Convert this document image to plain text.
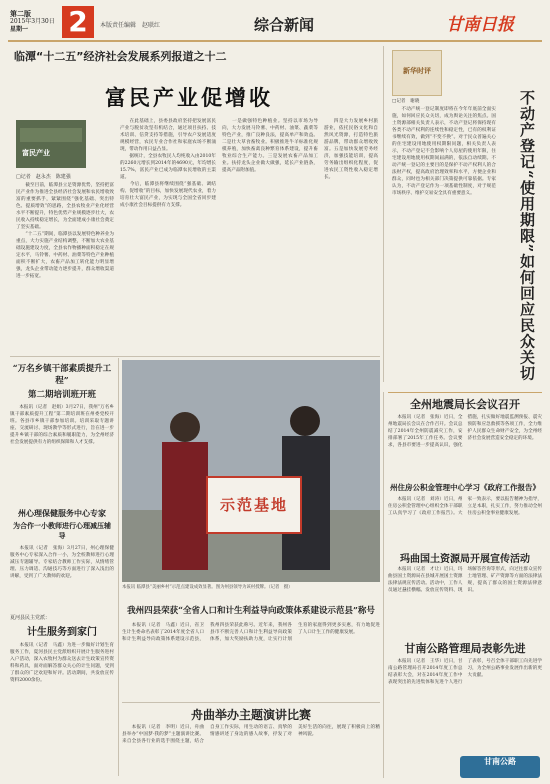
第二版
2015年3月30日
星期一	2	本版责任编辑　赵联红	综合新闻	甘南日报
临潭“十二五”经济社会发展系列报道之十二
富民产业促增收
富民产业
□记者　赵永杰　陈建强

　　截至目前，临潭县立足资源优势，坚持把富民产业作为推进全县经济社会发展和农民增收致富的重要抓手，紧紧围绕“强化基础、突出特色、提质增效”的思路，全县农牧业产业化经营水平不断提升，特色优势产业规模逐步壮大，农民收入持续稳定增长，为全面建成小康社会奠定了坚实基础。

　　“十二五”期间，临潭县以发展特色种养业为重点，大力实施产业结构调整，不断加大农业基础设施建设力度，全县农作物播种面积稳定在规定水平，马铃薯、中药材、油菜等特色产业种植面积不断扩大，农畜产品加工转化能力明显增强，龙头企业带动能力逐步提升，群众增收渠道进一步拓宽。

　　在此基础上，县委县政府坚持把发展富民产业与脱贫攻坚有机结合，通过项目扶持、技术培训、信贷支持等措施，引导农户发展适度规模经营，农民专业合作社和家庭农场不断涌现，带动作用日益凸显。

　　据统计，全县农牧民人均纯收入由2010年的2260元增长到2014年的4690元，年均增长15.7%，富民产业已成为临潭农民增收的主渠道。

　　今后，临潭县将继续围绕“强基础、调结构、促增收”的目标，加快发展现代农业，着力培育壮大富民产业，为实现与全国全省同步建成小康社会目标提供有力支撑。

　　一是做强特色种植业。坚持以市场为导向，大力发展马铃薯、中药材、油菜、蔬菜等特色产业，推广良种良法，提高单产和效益。二是壮大草食畜牧业。积极推进牛羊标准化规模养殖，加快畜禽良种繁育体系建设，提升畜牧业综合生产能力。三是发展农畜产品加工业。扶持龙头企业做大做强，延长产业链条，提高产品附加值。

　　四是大力发展乡村旅游业，依托民俗文化和自然风光资源，打造特色旅游品牌，带动群众增收致富。五是加快发展劳务经济，加强技能培训，提高劳务输出组织化程度，促进农民工资性收入稳定增长。

“万名乡镇干部素质提升工程”
第二期培训班开班
　　本报讯（记者　赵娟）3月27日，我州“万名乡镇干部素质提升工程”第二期培训班在州委党校开班。各县市乡镇干部参加培训。培训采取专题讲座、交流研讨、现场教学等形式进行，旨在进一步提升乡镇干部的综合素质和履职能力，为全州经济社会发展提供有力的组织保障和人才支撑。
州心理保健服务中心专家
为合作一小教师进行心理减压辅导
　　本报讯（记者　张海）3月27日，州心理保健服务中心专家深入合作一小，为全校教师进行心理减压专题辅导。专家结合教师工作实际，从情绪管理、压力调适、沟通技巧等方面进行了深入浅出的讲解，受到了广大教师的欢迎。
夏河县民主党派：
计生服务到家门
　　本报讯（记者　马鑫）为进一步做好计划生育服务工作，夏河县民主党派组织开展计生服务进村入户活动，深入农牧村为群众送去计生政策宣传资料和药具，面对面解答群众关心的计生问题，受到了群众的广泛欢迎和好评。活动期间，共发放宣传资料2000余份。
示范基地
本报讯 临潭县“美丽乡村”示范点建设成效显著。图为州县领导为该村授牌。（记者　摄）
我州四县荣获“全省人口和计生利益导向政策体系建设示范县”称号
　　本报讯（记者　马鑫）近日，省卫生计生委命名表彰了2014年度全省人口和计生利益导向政策体系建设示范县，我州四县荣获此称号。近年来，我州各县市不断完善人口和计生利益导向政策体系，加大奖励扶助力度，让实行计划生育的家庭得到更多实惠，有力地促进了人口计生工作的健康发展。
舟曲举办主题演讲比赛
　　本报讯（记者　李明）近日，舟曲县举办“中国梦·我的梦”主题演讲比赛。来自全县各行业的选手围绕主题，结合自身工作实际，用生动的语言、真挚的情感讲述了身边的感人故事，抒发了对美好生活的向往，展现了积极向上的精神风貌。
新华时评
□记者　谢晓
　　不动产统一登记制度即将在今年年底前全面实施，如何回应民众关切，成为舆论关注的焦点。国土资源部相关负责人表示，不动产登记将保持现有各类不动产权利的连续性和稳定性，已有的权利证书继续有效，做到“不变不换”。对于民众普遍关心的住宅建设用地使用权期限问题，相关负责人表示，不动产登记不会影响个人房屋的使用年限，住宅建设用地使用权期间届满的，依法自动续期。不动产统一登记的主要目的是保护不动产权利人的合法财产权，提高政府治理效率和水平，方便企业和群众，同时也为相关部门决策提供可靠依据。专家认为，不动产登记作为一项基础性制度，对于规范市场秩序、维护交易安全具有重要意义。	不动产登记“使用期限”如何回应民众关切
全州地震局长会议召开
　　本报讯（记者　张海）近日，全州地震局长会议在合作召开。会议总结了2014年全州防震减灾工作，安排部署了2015年工作任务。会议要求，各县市要进一步提高认识，强化措施，扎实做好地震监测预报、震灾预防和应急救援等各项工作，全力维护人民群众生命财产安全，为全州经济社会发展营造安全稳定的环境。
州住房公积金管理中心学习《政府工作报告》
　　本报讯（记者　刘涛）近日，州住房公积金管理中心组织全体干部职工认真学习了《政府工作报告》。大家一致表示，要以报告精神为指导，立足本职，扎实工作，努力推动全州住房公积金事业健康发展。
玛曲国土资源局开展宣传活动
　　本报讯（记者　才让）近日，玛曲县国土资源局在县城开展国土资源法律法规宣传活动。活动中，工作人员通过悬挂横幅、发放宣传资料、现场解答咨询等形式，向过往群众宣传土地管理、矿产资源等方面的法律法规，提高了群众的国土资源法律意识。
甘南公路管理局表彰先进
　　本报讯（记者　王华）近日，甘南公路管理局召开2014年度工作总结表彰大会，对在2014年度工作中表现突出的先进集体和先进个人进行了表彰，号召全体干部职工向先进学习，为全州公路事业发展作出新的更大贡献。
甘南公路
